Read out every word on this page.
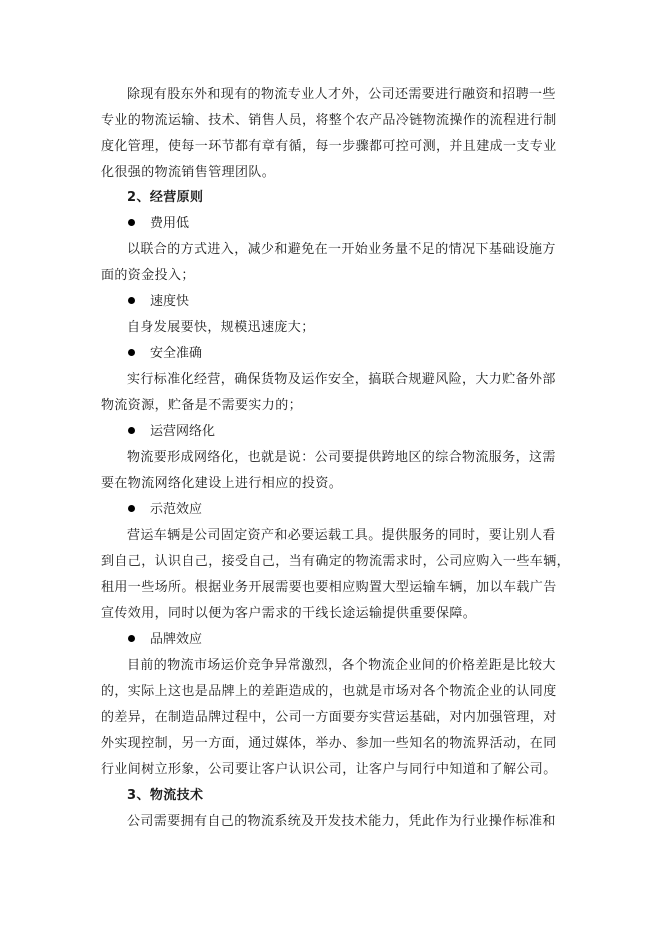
除现有股东外和现有的物流专业人才外，公司还需要进行融资和招聘一些
专业的物流运输、技术、销售人员，将整个农产品冷链物流操作的流程进行制
度化管理，使每一环节都有章有循，每一步骤都可控可测，并且建成一支专业
化很强的物流销售管理团队。
2、经营原则
费用低
以联合的方式进入，减少和避免在一开始业务量不足的情况下基础设施方
面的资金投入；
速度快
自身发展要快，规模迅速庞大；
安全准确
实行标准化经营，确保货物及运作安全，搞联合规避风险，大力贮备外部
物流资源，贮备是不需要实力的；
运营网络化
物流要形成网络化，也就是说：公司要提供跨地区的综合物流服务，这需
要在物流网络化建设上进行相应的投资。
示范效应
营运车辆是公司固定资产和必要运载工具。提供服务的同时，要让别人看
到自己，认识自己，接受自己，当有确定的物流需求时，公司应购入一些车辆，
租用一些场所。根据业务开展需要也要相应购置大型运输车辆，加以车载广告
宣传效用，同时以便为客户需求的干线长途运输提供重要保障。
品牌效应
目前的物流市场运价竞争异常激烈，各个物流企业间的价格差距是比较大
的，实际上这也是品牌上的差距造成的，也就是市场对各个物流企业的认同度
的差异，在制造品牌过程中，公司一方面要夯实营运基础，对内加强管理，对
外实现控制，另一方面，通过媒体，举办、参加一些知名的物流界活动，在同
行业间树立形象，公司要让客户认识公司，让客户与同行中知道和了解公司。
3、物流技术
公司需要拥有自己的物流系统及开发技术能力，凭此作为行业操作标准和
